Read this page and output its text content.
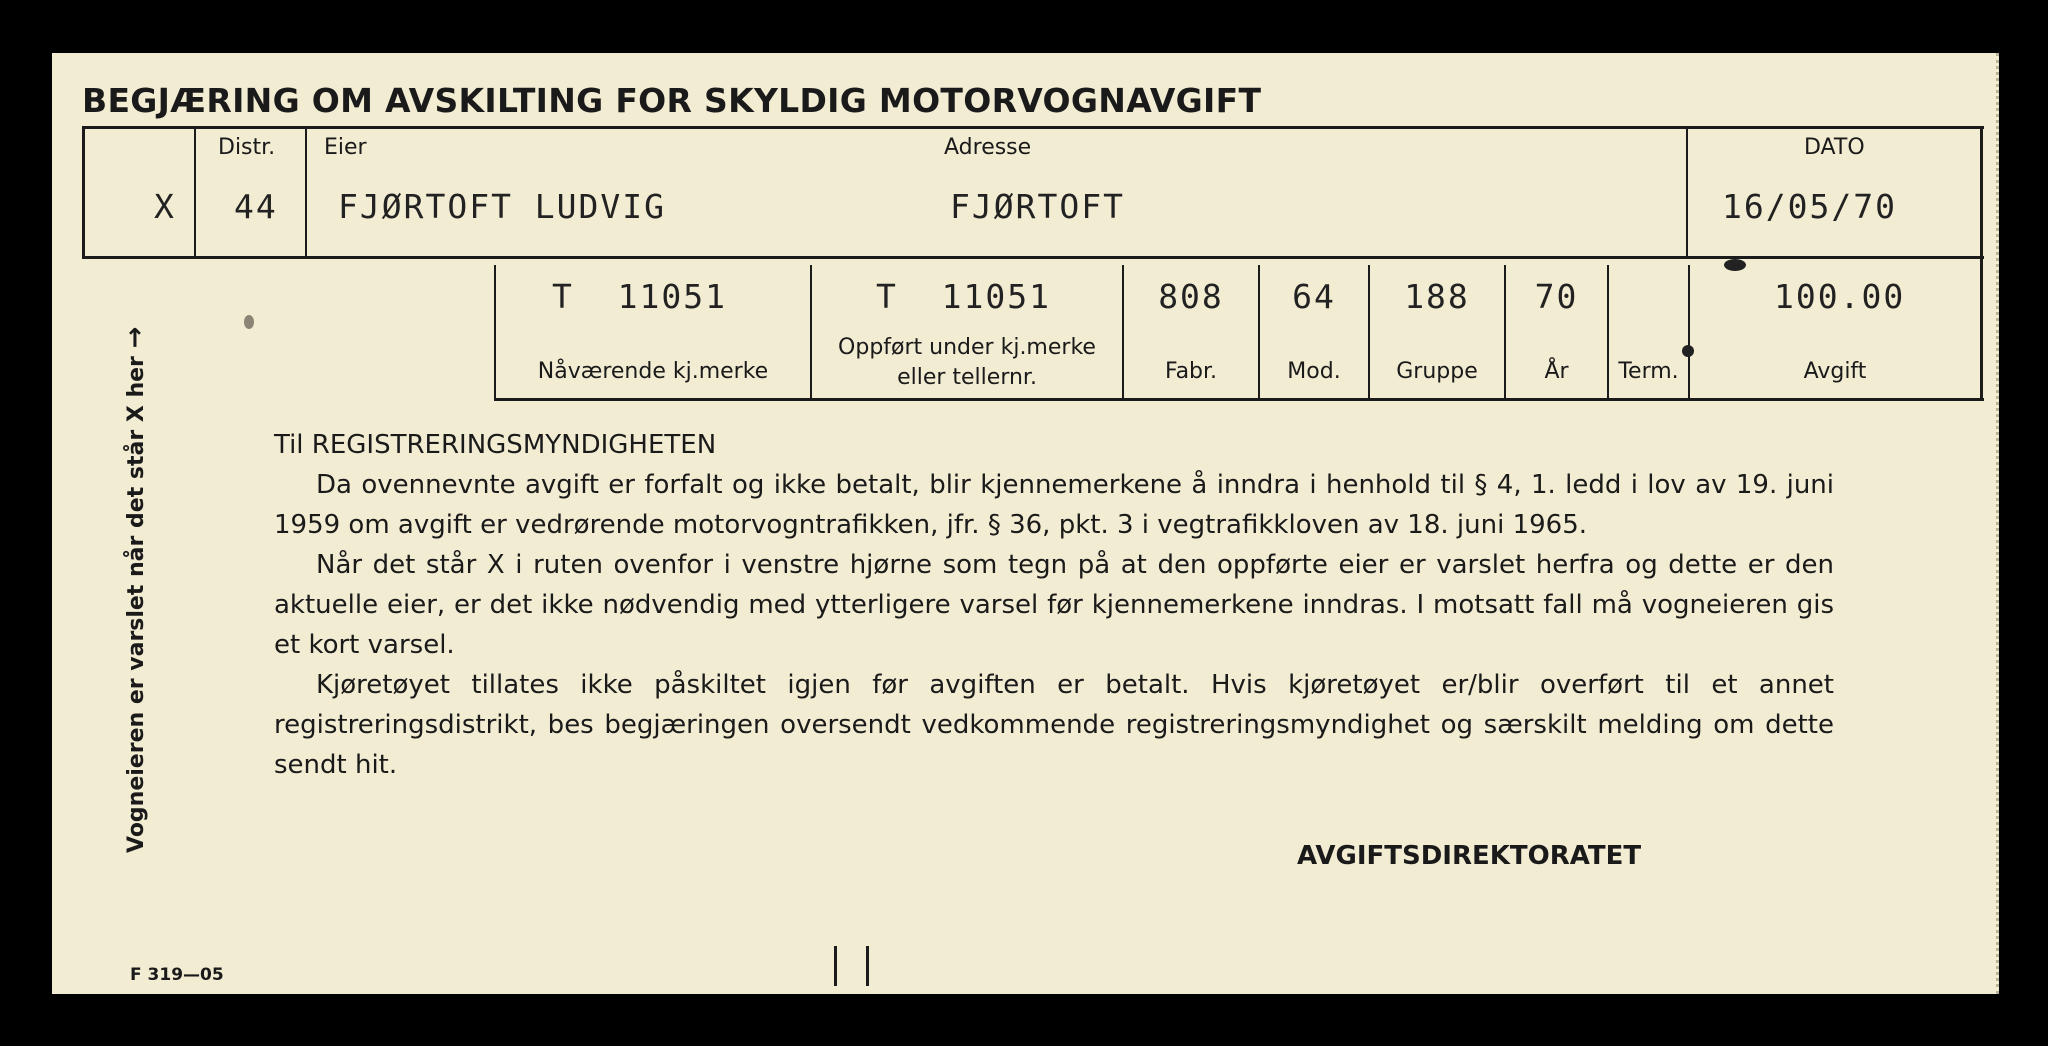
BEGJÆRING OM AVSKILTING FOR SKYLDIG MOTORVOGNAVGIFT
X
Distr.
44
Eier
FJØRTOFT LUDVIG
Adresse
FJØRTOFT
DATO
16/05/70
T  11051
Nåværende kj.merke
T  11051
Oppført under kj.merke
eller tellernr.
808
Fabr.
64
Mod.
188
Gruppe
70
År	Term.
100.00
Avgift
Vogneieren er varslet når det står X her →

Til REGISTRERINGSMYNDIGHETEN

Da ovennevnte avgift er forfalt og ikke betalt, blir kjennemerkene å inndra i henhold til § 4, 1. ledd i lov av 19. juni 1959 om avgift er vedrørende motorvogntrafikken, jfr. § 36, pkt. 3 i vegtrafikkloven av 18. juni 1965.

Når det står X i ruten ovenfor i venstre hjørne som tegn på at den oppførte eier er varslet herfra og dette er den aktuelle eier, er det ikke nødvendig med ytterligere varsel før kjennemerkene inndras. I motsatt fall må vogneieren gis et kort varsel.

Kjøretøyet tillates ikke påskiltet igjen før avgiften er betalt. Hvis kjøretøyet er/blir overført til et annet registreringsdistrikt, bes begjæringen oversendt vedkommende registreringsmyndighet og særskilt melding om dette sendt hit.

AVGIFTSDIREKTORATET
F 319—05
